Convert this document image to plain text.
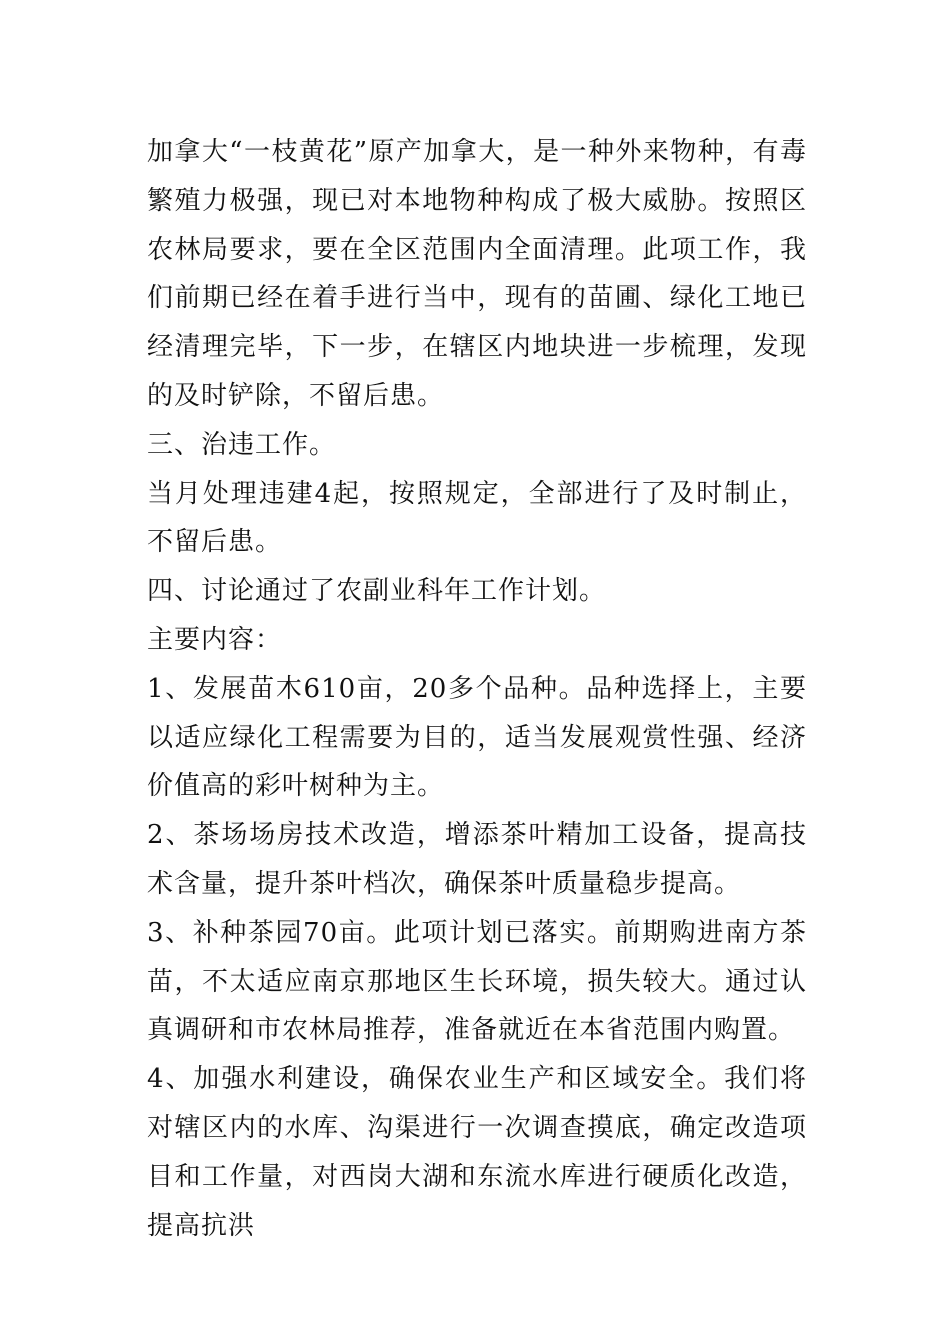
加拿大“一枝黄花”原产加拿大，是一种外来物种，有毒繁殖力极强，现已对本地物种构成了极大威胁。按照区农林局要求，要在全区范围内全面清理。此项工作，我们前期已经在着手进行当中，现有的苗圃、绿化工地已经清理完毕，下一步，在辖区内地块进一步梳理，发现的及时铲除，不留后患。

三、治违工作。

当月处理违建4起，按照规定，全部进行了及时制止，不留后患。

四、讨论通过了农副业科年工作计划。

主要内容：

1、发展苗木610亩，20多个品种。品种选择上，主要以适应绿化工程需要为目的，适当发展观赏性强、经济价值高的彩叶树种为主。

2、茶场场房技术改造，增添茶叶精加工设备，提高技术含量，提升茶叶档次，确保茶叶质量稳步提高。

3、补种茶园70亩。此项计划已落实。前期购进南方茶苗，不太适应南京那地区生长环境，损失较大。通过认真调研和市农林局推荐，准备就近在本省范围内购置。

4、加强水利建设，确保农业生产和区域安全。我们将对辖区内的水库、沟渠进行一次调查摸底，确定改造项目和工作量，对西岗大湖和东流水库进行硬质化改造，提高抗洪
